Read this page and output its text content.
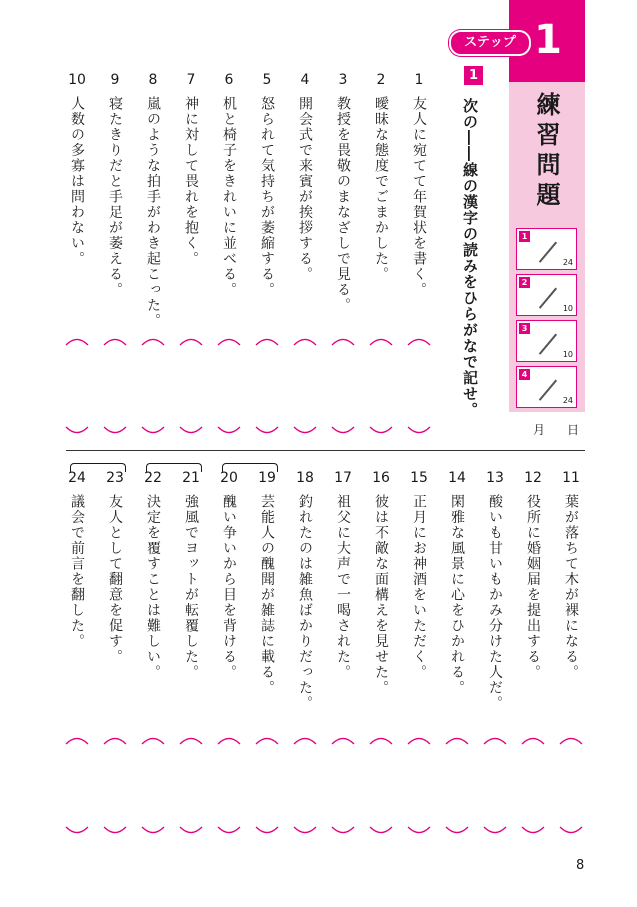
ステップ 1
練習問題
1
24
2
10
3
10
4
24
月 日
1
次の――線の漢字の読みをひらがなで記せ。
1
友人に宛てて年賀状を書く。
2
曖昧な態度でごまかした。
3
教授を畏敬のまなざしで見る。
4
開会式で来賓が挨拶する。
5
怒られて気持ちが萎縮する。
6
机と椅子をきれいに並べる。
7
神に対して畏れを抱く。
8
嵐のような拍手がわき起こった。
9
寝たきりだと手足が萎える。
10
人数の多寡は問わない。
11
葉が落ちて木が裸になる。
12
役所に婚姻届を提出する。
13
酸いも甘いもかみ分けた人だ。
14
閑雅な風景に心をひかれる。
15
正月にお神酒をいただく。
16
彼は不敵な面構えを見せた。
17
祖父に大声で一喝された。
18
釣れたのは雑魚ばかりだった。
19
芸能人の醜聞が雑誌に載る。
20
醜い争いから目を背ける。
21
強風でヨットが転覆した。
22
決定を覆すことは難しい。
23
友人として翻意を促す。
24
議会で前言を翻した。
8
